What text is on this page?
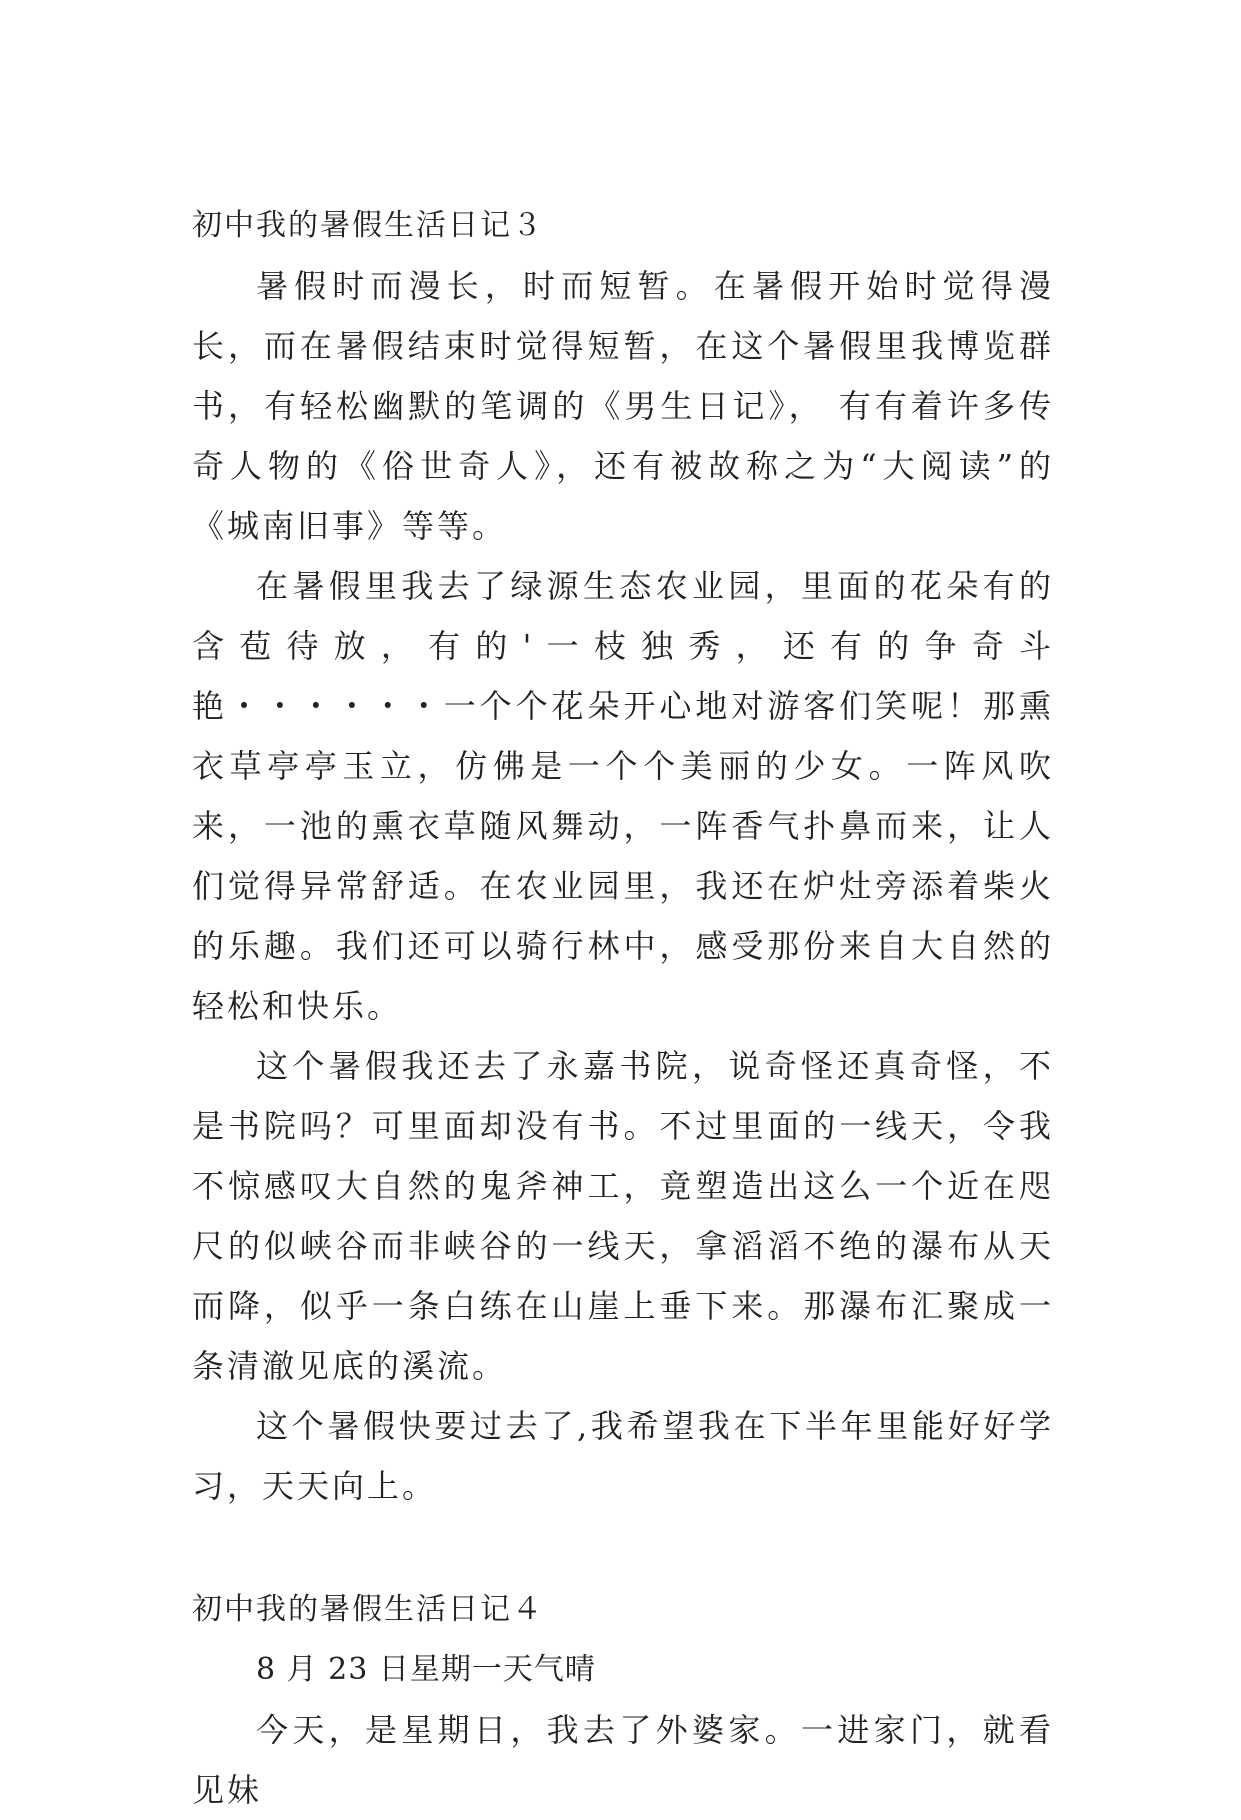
初中我的暑假生活日记３

暑假时而漫长，时而短暂。在暑假开始时觉得漫长，而在暑假结束时觉得短暂，在这个暑假里我博览群书，有轻松幽默的笔调的《男生日记》， 有有着许多传奇人物的《俗世奇人》，还有被故称之为“大阅读”的《城南旧事》等等。

在暑假里我去了绿源生态农业园，里面的花朵有的含苞待放，有的'一枝独秀，还有的争奇斗艳・・・・・・一个个花朵开心地对游客们笑呢！那熏衣草亭亭玉立，仿佛是一个个美丽的少女。一阵风吹来，一池的熏衣草随风舞动，一阵香气扑鼻而来，让人们觉得异常舒适。在农业园里，我还在炉灶旁添着柴火的乐趣。我们还可以骑行林中，感受那份来自大自然的轻松和快乐。

这个暑假我还去了永嘉书院，说奇怪还真奇怪，不是书院吗？可里面却没有书。不过里面的一线天，令我不惊感叹大自然的鬼斧神工，竟塑造出这么一个近在咫尺的似峡谷而非峡谷的一线天，拿滔滔不绝的瀑布从天而降，似乎一条白练在山崖上垂下来。那瀑布汇聚成一条清澈见底的溪流。

这个暑假快要过去了,我希望我在下半年里能好好学习，天天向上。

初中我的暑假生活日记４

8 月 23 日星期一天气晴

今天，是星期日，我去了外婆家。一进家门，就看见妹
